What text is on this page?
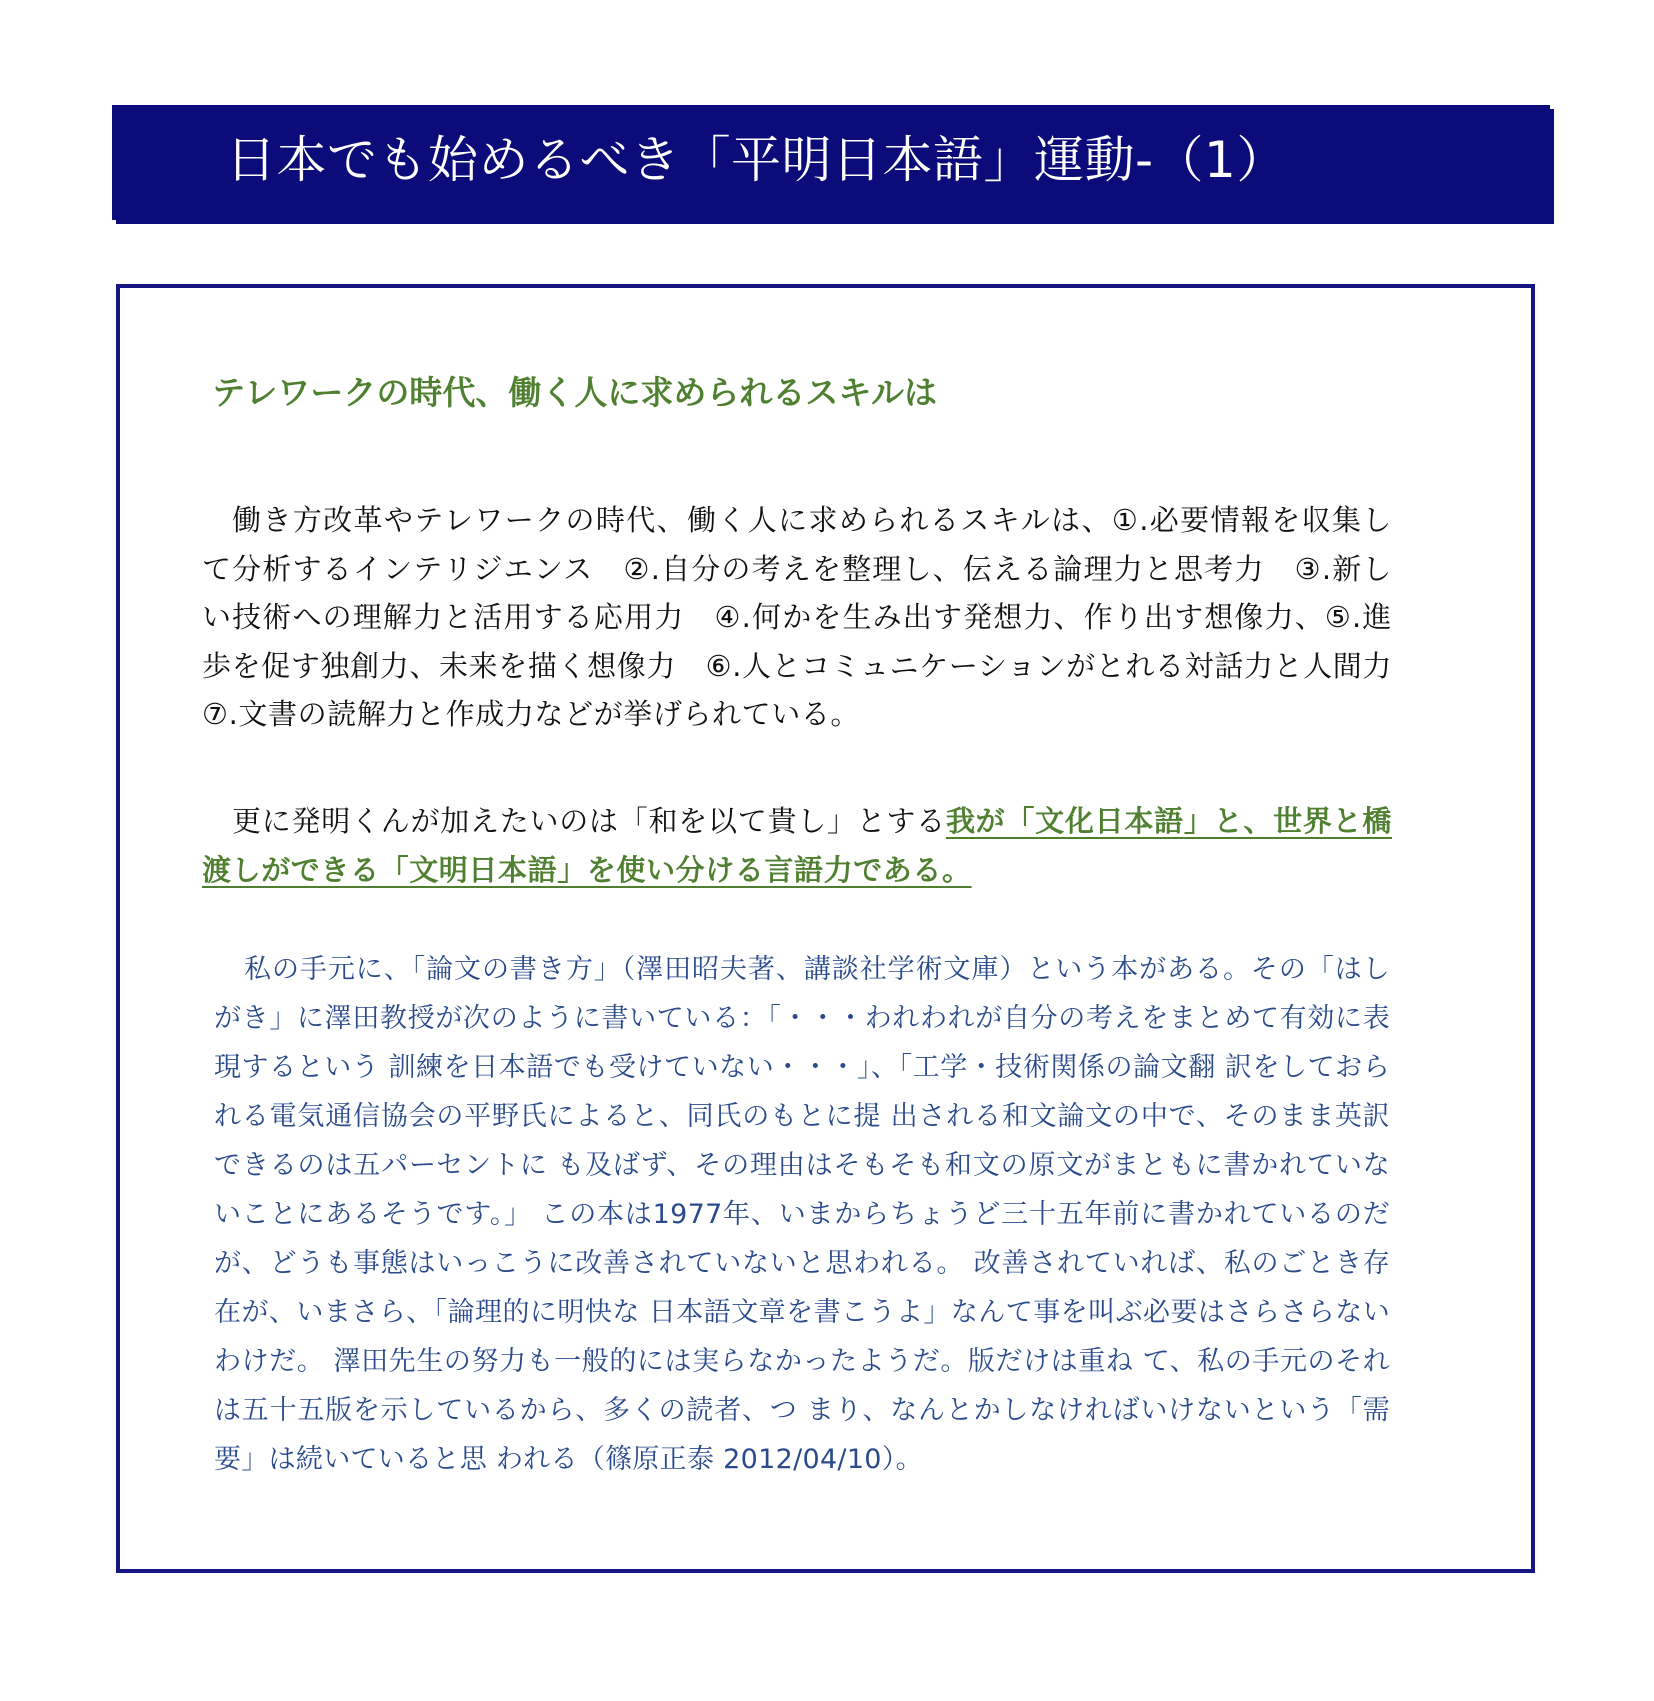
日本でも始めるべき「平明日本語」運動-（1）
テレワークの時代、働く人に求められるスキルは

働き方改革やテレワークの時代、働く人に求められるスキルは、①.必要情報を収集して分析するインテリジエンス　②.自分の考えを整理し、伝える論理力と思考力　③.新しい技術への理解力と活用する応用力　④.何かを生み出す発想力、作り出す想像力、⑤.進歩を促す独創力、未来を描く想像力　⑥.人とコミュニケーションがとれる対話力と人間力　⑦.文書の読解力と作成力などが挙げられている。

更に発明くんが加えたいのは「和を以て貴し」とする我が「文化日本語」と、世界と橋渡しができる「文明日本語」を使い分ける言語力である。

私の手元に、「論文の書き方」（澤田昭夫著、講談社学術文庫）という本がある。その「はしがき」に澤田教授が次のように書いている：「・・・われわれが自分の考えをまとめて有効に表現するという 訓練を日本語でも受けていない・・・」、「工学・技術関係の論文翻 訳をしておられる電気通信協会の平野氏によると、同氏のもとに提 出される和文論文の中で、そのまま英訳できるのは五パーセントに も及ばず、その理由はそもそも和文の原文がまともに書かれていないことにあるそうです。」 この本は1977年、いまからちょうど三十五年前に書かれているのだが、どうも事態はいっこうに改善されていないと思われる。 改善されていれば、私のごとき存在が、いまさら、「論理的に明快な 日本語文章を書こうよ」なんて事を叫ぶ必要はさらさらないわけだ。 澤田先生の努力も一般的には実らなかったようだ。版だけは重ね て、私の手元のそれは五十五版を示しているから、多くの読者、つ まり、なんとかしなければいけないという「需要」は続いていると思 われる（篠原正泰 2012/04/10）。
